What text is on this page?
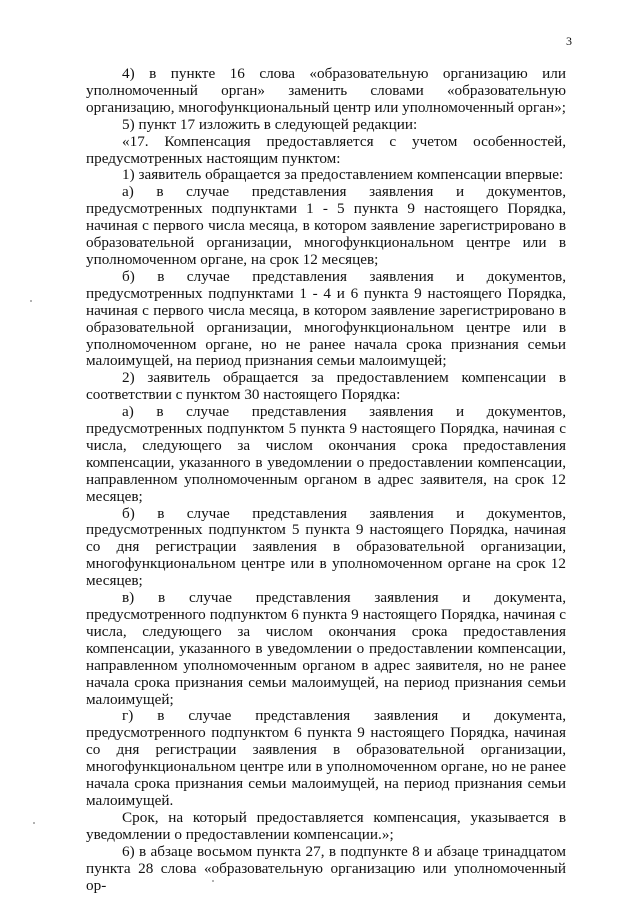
3

4) в пункте 16 слова «образовательную организацию или уполномоченный орган» заменить словами «образовательную организацию, многофункциональный центр или уполномоченный орган»;

5) пункт 17 изложить в следующей редакции:

«17. Компенсация предоставляется с учетом особенностей, предусмотренных настоящим пунктом:

1) заявитель обращается за предоставлением компенсации впервые:

а) в случае представления заявления и документов, предусмотренных подпунктами 1 - 5 пункта 9 настоящего Порядка, начиная с первого числа месяца, в котором заявление зарегистрировано в образовательной организации, многофункциональном центре или в уполномоченном органе, на срок 12 месяцев;

б) в случае представления заявления и документов, предусмотренных подпунктами 1 - 4 и 6 пункта 9 настоящего Порядка, начиная с первого числа месяца, в котором заявление зарегистрировано в образовательной организации, многофункциональном центре или в уполномоченном органе, но не ранее начала срока признания семьи малоимущей, на период признания семьи малоимущей;

2) заявитель обращается за предоставлением компенсации в соответствии с пунктом 30 настоящего Порядка:

а) в случае представления заявления и документов, предусмотренных подпунктом 5 пункта 9 настоящего Порядка, начиная с числа, следующего за числом окончания срока предоставления компенсации, указанного в уведомлении о предоставлении компенсации, направленном уполномоченным органом в адрес заявителя, на срок 12 месяцев;

б) в случае представления заявления и документов, предусмотренных подпунктом 5 пункта 9 настоящего Порядка, начиная со дня регистрации заявления в образовательной организации, многофункциональном центре или в уполномоченном органе на срок 12 месяцев;

в) в случае представления заявления и документа, предусмотренного подпунктом 6 пункта 9 настоящего Порядка, начиная с числа, следующего за числом окончания срока предоставления компенсации, указанного в уведомлении о предоставлении компенсации, направленном уполномоченным органом в адрес заявителя, но не ранее начала срока признания семьи малоимущей, на период признания семьи малоимущей;

г) в случае представления заявления и документа, предусмотренного подпунктом 6 пункта 9 настоящего Порядка, начиная со дня регистрации заявления в образовательной организации, многофункциональном центре или в уполномоченном органе, но не ранее начала срока признания семьи малоимущей, на период признания семьи малоимущей.

Срок, на который предоставляется компенсация, указывается в уведомлении о предоставлении компенсации.»;

6) в абзаце восьмом пункта 27, в подпункте 8 и абзаце тринадцатом пункта 28 слова «образовательную организацию или уполномоченный ор-
